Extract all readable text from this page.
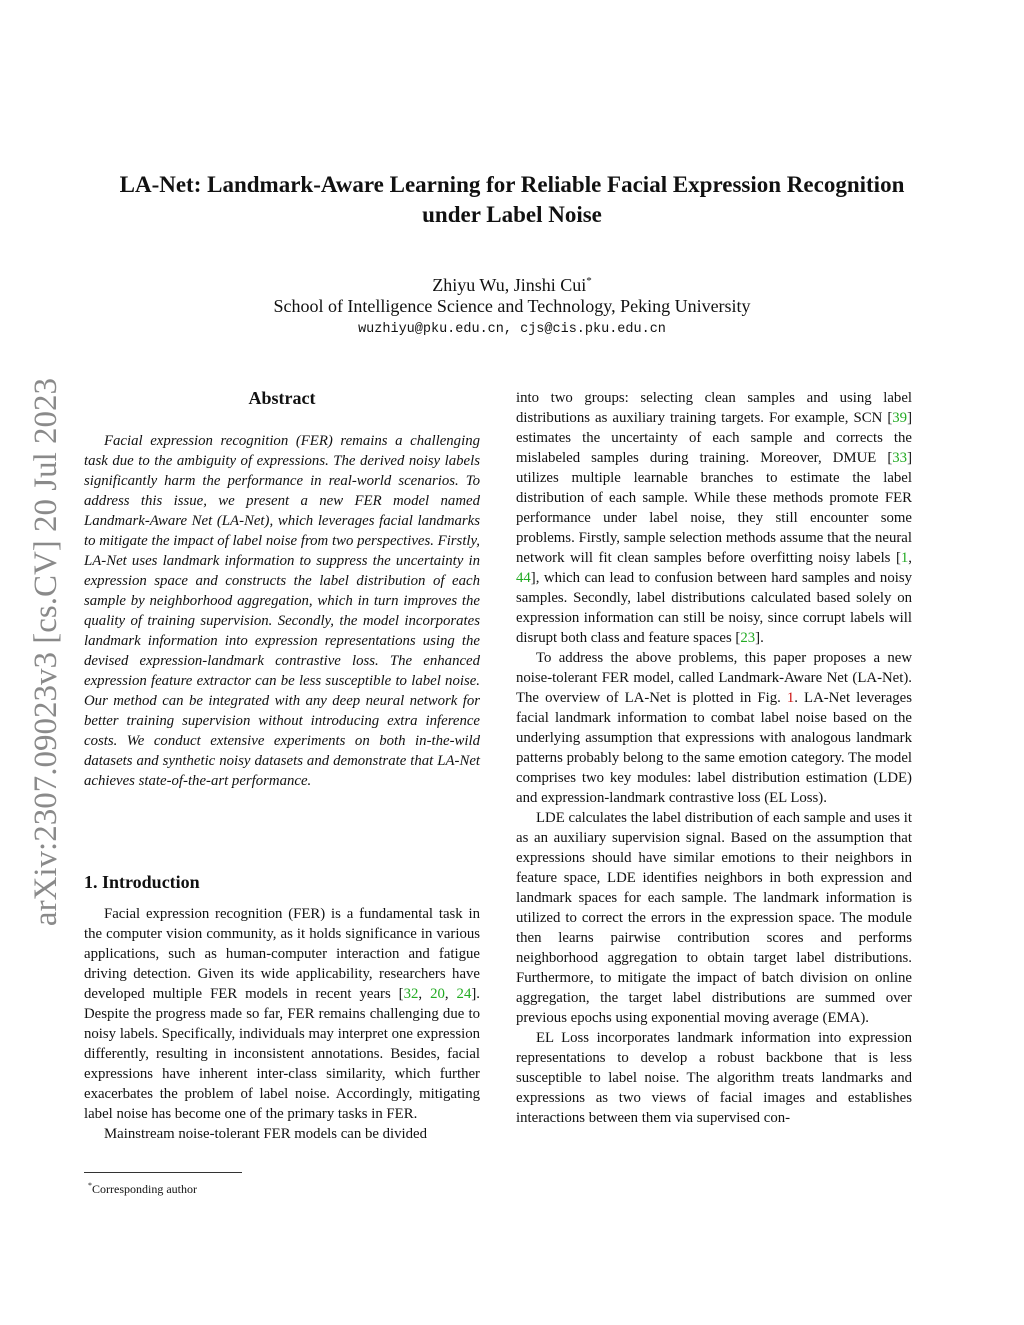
arXiv:2307.09023v3 [cs.CV] 20 Jul 2023
LA-Net: Landmark-Aware Learning for Reliable Facial Expression Recognition
under Label Noise
Zhiyu Wu, Jinshi Cui*
School of Intelligence Science and Technology, Peking University
wuzhiyu@pku.edu.cn, cjs@cis.pku.edu.cn
Abstract
Facial expression recognition (FER) remains a challenging task due to the ambiguity of expressions. The derived noisy labels significantly harm the performance in real-world scenarios. To address this issue, we present a new FER model named Landmark-Aware Net (LA-Net), which leverages facial landmarks to mitigate the impact of label noise from two perspectives. Firstly, LA-Net uses landmark information to suppress the uncertainty in expression space and constructs the label distribution of each sample by neighborhood aggregation, which in turn improves the quality of training supervision. Secondly, the model incorporates landmark information into expression representations using the devised expression-landmark contrastive loss. The enhanced expression feature extractor can be less susceptible to label noise. Our method can be integrated with any deep neural network for better training supervision without introducing extra inference costs. We conduct extensive experiments on both in-the-wild datasets and synthetic noisy datasets and demonstrate that LA-Net achieves state-of-the-art performance.
1. Introduction

Facial expression recognition (FER) is a fundamental task in the computer vision community, as it holds significance in various applications, such as human-computer interaction and fatigue driving detection. Given its wide applicability, researchers have developed multiple FER models in recent years [32, 20, 24]. Despite the progress made so far, FER remains challenging due to noisy labels. Specifically, individuals may interpret one expression differently, resulting in inconsistent annotations. Besides, facial expressions have inherent inter-class similarity, which further exacerbates the problem of label noise. Accordingly, mitigating label noise has become one of the primary tasks in FER.

Mainstream noise-tolerant FER models can be divided

*Corresponding author

into two groups: selecting clean samples and using label distributions as auxiliary training targets. For example, SCN [39] estimates the uncertainty of each sample and corrects the mislabeled samples during training. Moreover, DMUE [33] utilizes multiple learnable branches to estimate the label distribution of each sample. While these methods promote FER performance under label noise, they still encounter some problems. Firstly, sample selection methods assume that the neural network will fit clean samples before overfitting noisy labels [1, 44], which can lead to confusion between hard samples and noisy samples. Secondly, label distributions calculated based solely on expression information can still be noisy, since corrupt labels will disrupt both class and feature spaces [23].

To address the above problems, this paper proposes a new noise-tolerant FER model, called Landmark-Aware Net (LA-Net). The overview of LA-Net is plotted in Fig. 1. LA-Net leverages facial landmark information to combat label noise based on the underlying assumption that expressions with analogous landmark patterns probably belong to the same emotion category. The model comprises two key modules: label distribution estimation (LDE) and expression-landmark contrastive loss (EL Loss).

LDE calculates the label distribution of each sample and uses it as an auxiliary supervision signal. Based on the assumption that expressions should have similar emotions to their neighbors in feature space, LDE identifies neighbors in both expression and landmark spaces for each sample. The landmark information is utilized to correct the errors in the expression space. The module then learns pairwise contribution scores and performs neighborhood aggregation to obtain target label distributions. Furthermore, to mitigate the impact of batch division on online aggregation, the target label distributions are summed over previous epochs using exponential moving average (EMA).

EL Loss incorporates landmark information into expression representations to develop a robust backbone that is less susceptible to label noise. The algorithm treats landmarks and expressions as two views of facial images and establishes interactions between them via supervised con-
